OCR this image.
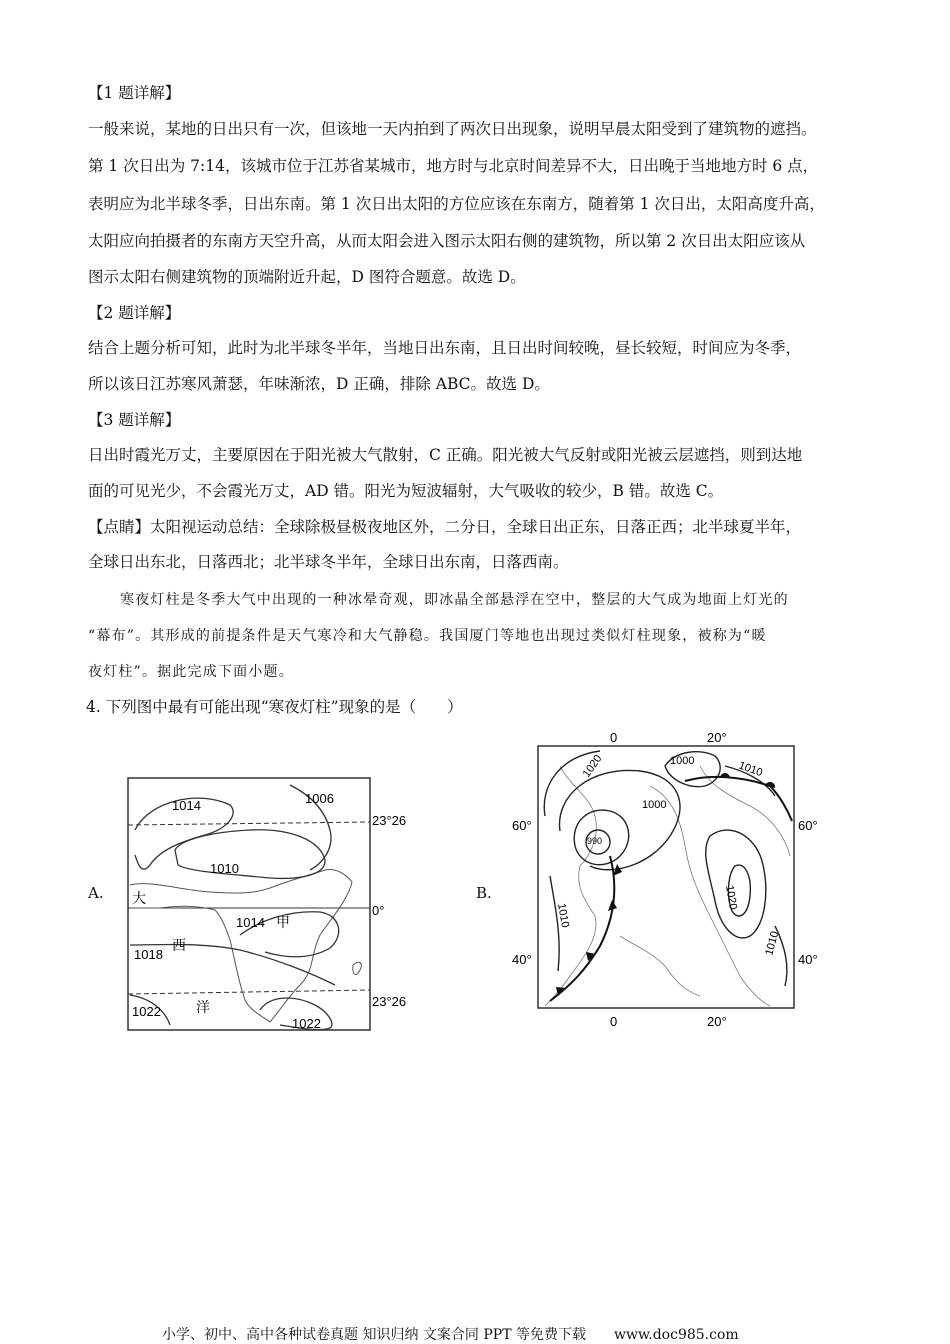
【1 题详解】
一般来说，某地的日出只有一次，但该地一天内拍到了两次日出现象，说明早晨太阳受到了建筑物的遮挡。
第 1 次日出为 7:14，该城市位于江苏省某城市，地方时与北京时间差异不大，日出晚于当地地方时 6 点，
表明应为北半球冬季，日出东南。第 1 次日出太阳的方位应该在东南方，随着第 1 次日出，太阳高度升高，
太阳应向拍摄者的东南方天空升高，从而太阳会进入图示太阳右侧的建筑物，所以第 2 次日出太阳应该从
图示太阳右侧建筑物的顶端附近升起，D 图符合题意。故选 D。
【2 题详解】
结合上题分析可知，此时为北半球冬半年，当地日出东南，且日出时间较晚，昼长较短，时间应为冬季，
所以该日江苏寒风萧瑟，年味渐浓，D 正确，排除 ABC。故选 D。
【3 题详解】
日出时霞光万丈，主要原因在于阳光被大气散射，C 正确。阳光被大气反射或阳光被云层遮挡，则到达地
面的可见光少，不会霞光万丈，AD 错。阳光为短波辐射，大气吸收的较少，B 错。故选 C。
【点睛】太阳视运动总结：全球除极昼极夜地区外，二分日，全球日出正东，日落正西；北半球夏半年，
全球日出东北，日落西北；北半球冬半年，全球日出东南，日落西南。
寒夜灯柱是冬季大气中出现的一种冰晕奇观，即冰晶全部悬浮在空中，整层的大气成为地面上灯光的
“幕布”。其形成的前提条件是天气寒冷和大气静稳。我国厦门等地也出现过类似灯柱现象，被称为“暖
夜灯柱”。据此完成下面小题。
4. 下列图中最有可能出现“寒夜灯柱”现象的是（　　）
A.
1014	1006
1010
1014
1018
1022
1022
23°26
0°
23°26
大
西
洋
甲
B.
0	20°
0	20°
60°	60°
40°	40°
1020
1000
1010
1000
990
1020
1010
1010
小学、初中、高中各种试卷真题 知识归纳 文案合同 PPT 等免费下载　　www.doc985.com
